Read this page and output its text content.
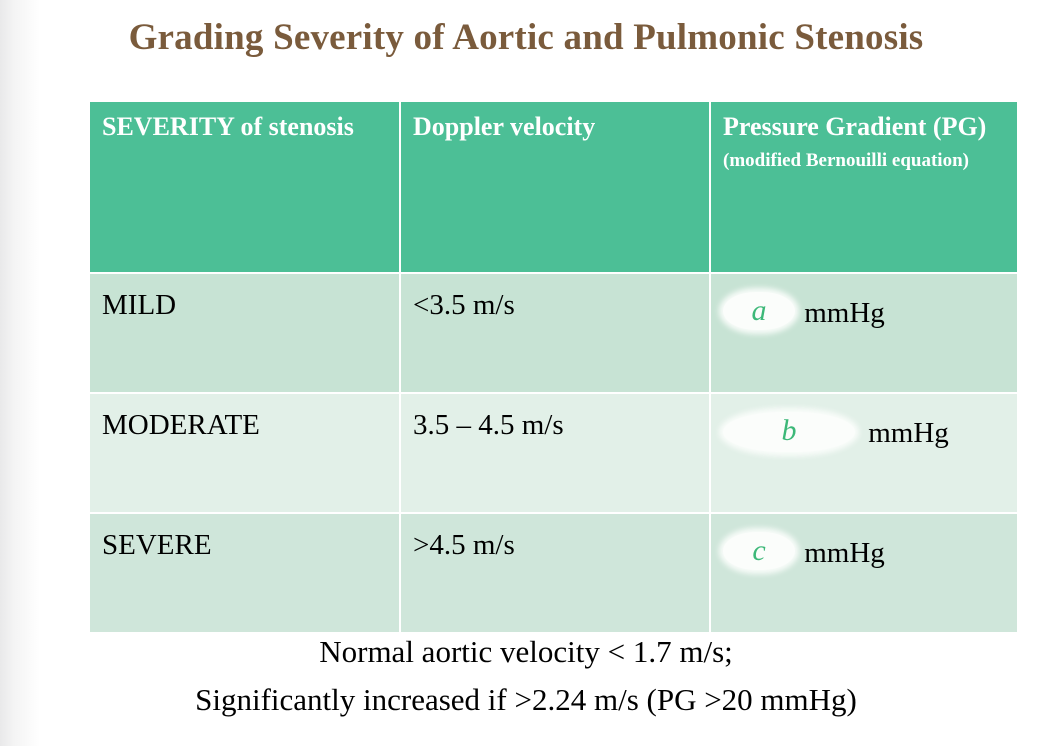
Grading Severity of Aortic and Pulmonic Stenosis
SEVERITY of stenosis	Doppler velocity	Pressure Gradient (PG) (modified Bernouilli equation)
MILD	<3.5 m/s	a mmHg
MODERATE	3.5 – 4.5 m/s	b mmHg
SEVERE	>4.5 m/s	c mmHg
Normal aortic velocity < 1.7 m/s;
Significantly increased if >2.24 m/s (PG >20 mmHg)
